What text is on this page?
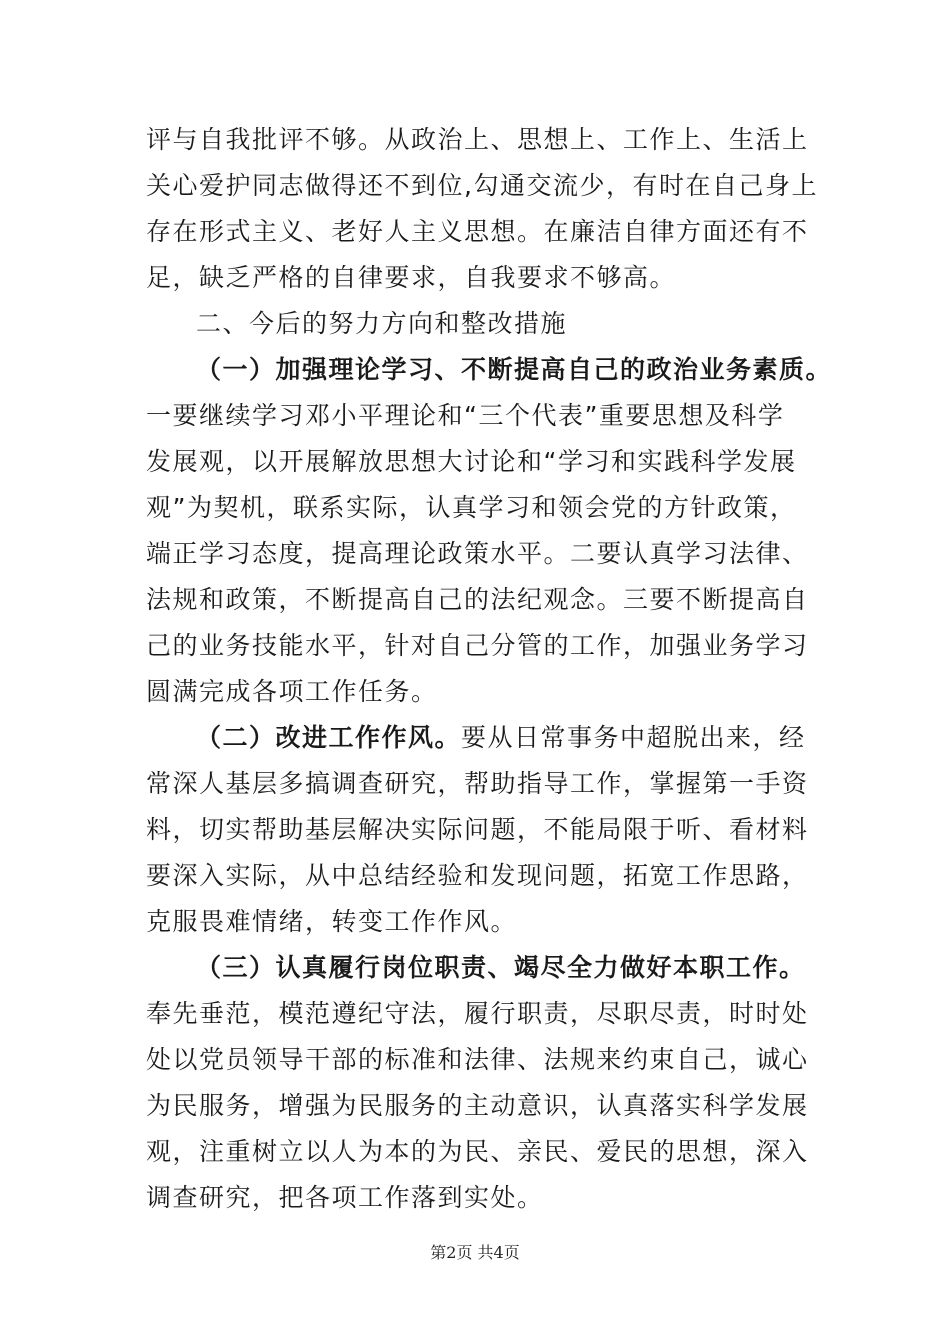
评与自我批评不够。从政治上、思想上、工作上、生活上
关心爱护同志做得还不到位,勾通交流少，有时在自己身上
存在形式主义、老好人主义思想。在廉洁自律方面还有不
足，缺乏严格的自律要求，自我要求不够高。
二、今后的努力方向和整改措施
（一）加强理论学习、不断提高自己的政治业务素质。
一要继续学习邓小平理论和“三个代表”重要思想及科学
发展观，以开展解放思想大讨论和“学习和实践科学发展
观”为契机，联系实际，认真学习和领会党的方针政策，
端正学习态度，提高理论政策水平。二要认真学习法律、
法规和政策，不断提高自己的法纪观念。三要不断提高自
己的业务技能水平，针对自己分管的工作，加强业务学习
圆满完成各项工作任务。
（二）改进工作作风。要从日常事务中超脱出来，经
常深人基层多搞调查研究，帮助指导工作，掌握第一手资
料，切实帮助基层解决实际问题，不能局限于听、看材料
要深入实际，从中总结经验和发现问题，拓宽工作思路，
克服畏难情绪，转变工作作风。
（三）认真履行岗位职责、竭尽全力做好本职工作。
奉先垂范，模范遵纪守法，履行职责，尽职尽责，时时处
处以党员领导干部的标准和法律、法规来约束自己，诚心
为民服务，增强为民服务的主动意识，认真落实科学发展
观，注重树立以人为本的为民、亲民、爱民的思想，深入
调查研究，把各项工作落到实处。
第2页 共4页
